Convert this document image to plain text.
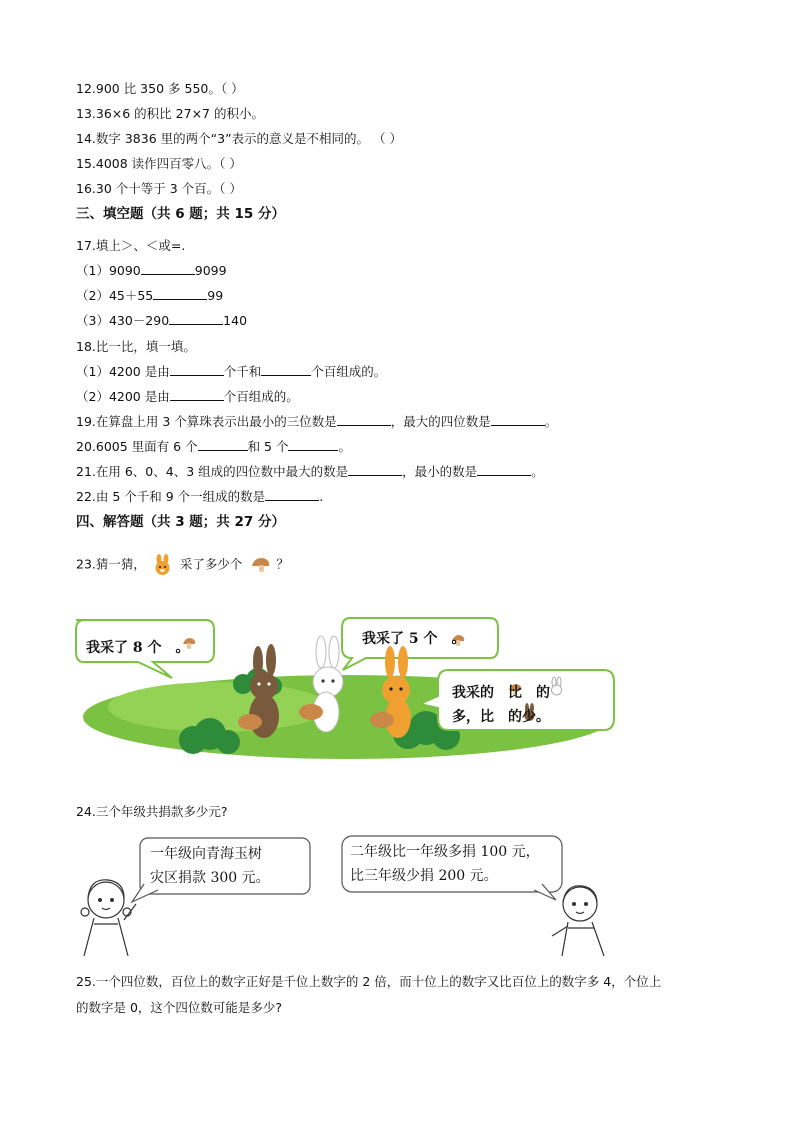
12.900 比 350 多 550。（ ）
13.36×6 的积比 27×7 的积小。
14.数字 3836 里的两个“3”表示的意义是不相同的。 （ ）
15.4008 读作四百零八。（ ）
16.30 个十等于 3 个百。（ ）
三、填空题（共 6 题；共 15 分）
17.填上＞、＜或=.
（1）9090	9099
（2）45＋55	99
（3）430－290	140
18.比一比，填一填。
（1）4200 是由	个千和	个百组成的。
（2）4200 是由	个百组成的。
19.在算盘上用 3 个算珠表示出最小的三位数是	，最大的四位数是	。
20.6005 里面有 6 个	和 5 个	。
21.在用 6、0、4、3 组成的四位数中最大的数是	，最小的数是	。
22.由 5 个千和 9 个一组成的数是	.
四、解答题（共 3 题；共 27 分）
23.猜一猜，	采了多少个	？
我采了 8 个 。
我采了 5 个 。
我采的 比 的
多，比 的少。
24.三个年级共捐款多少元?
一年级向青海玉树
灾区捐款 300 元。
二年级比一年级多捐 100 元，
比三年级少捐 200 元。
25.一个四位数，百位上的数字正好是千位上数字的 2 倍，而十位上的数字又比百位上的数字多 4，个位上
的数字是 0，这个四位数可能是多少?
